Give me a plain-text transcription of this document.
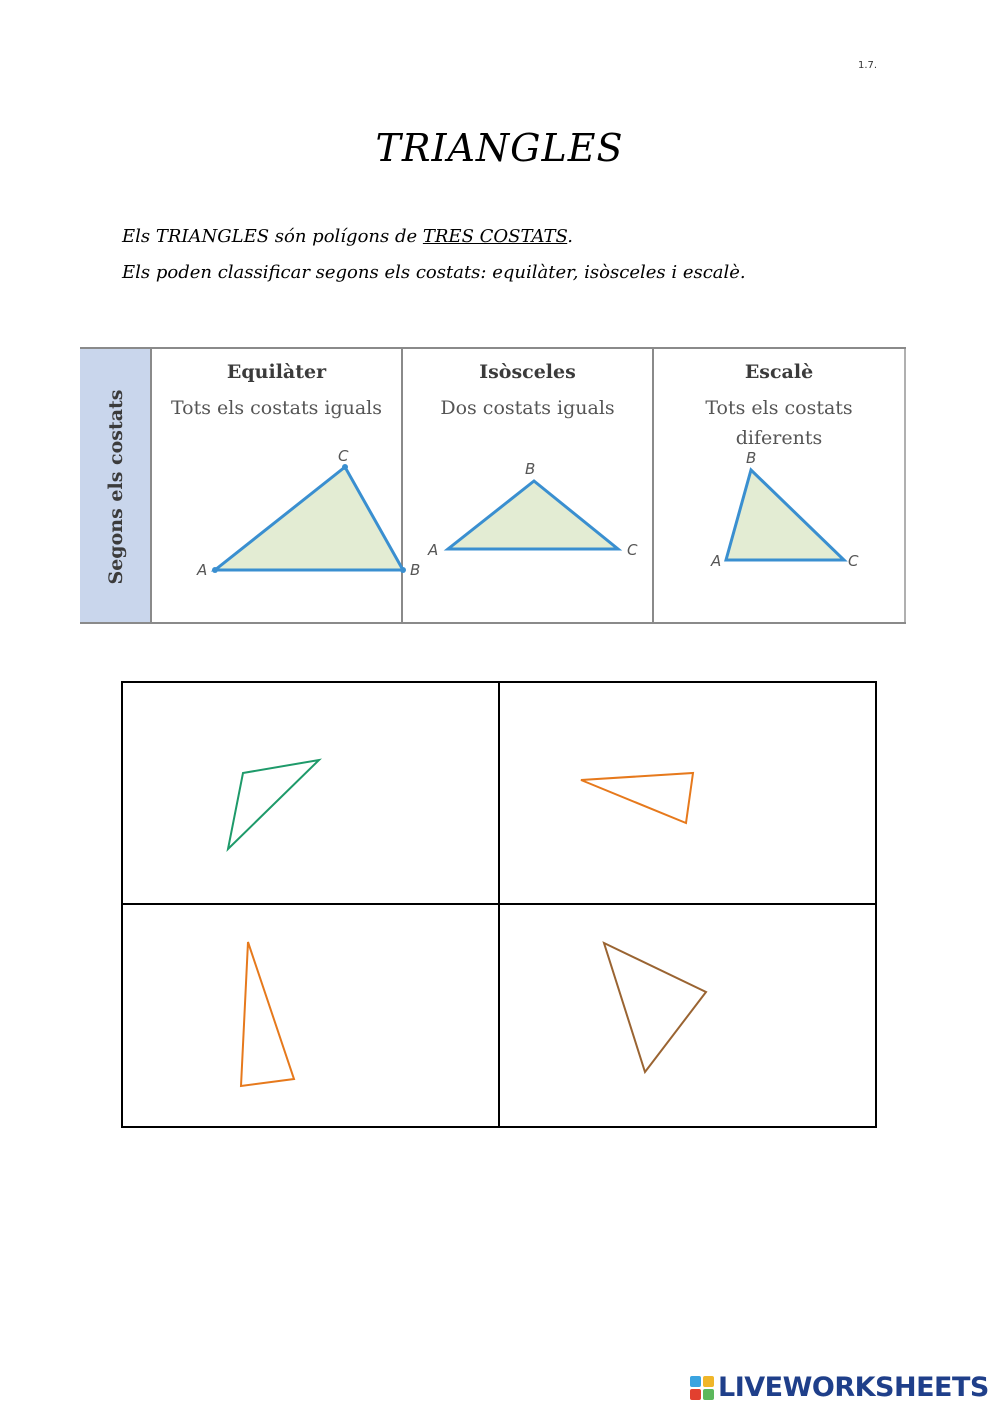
1.7.
TRIANGLES
Els TRIANGLES són polígons de TRES COSTATS.
Els poden classificar segons els costats: equilàter, isòsceles i escalè.
Segons els costats
Equilàter
Tots els costats iguals
A	B
C
Isòsceles
Dos costats iguals
A
B
C
Escalè
Tots els costats diferents
A
B
C
LIVEWORKSHEETS
